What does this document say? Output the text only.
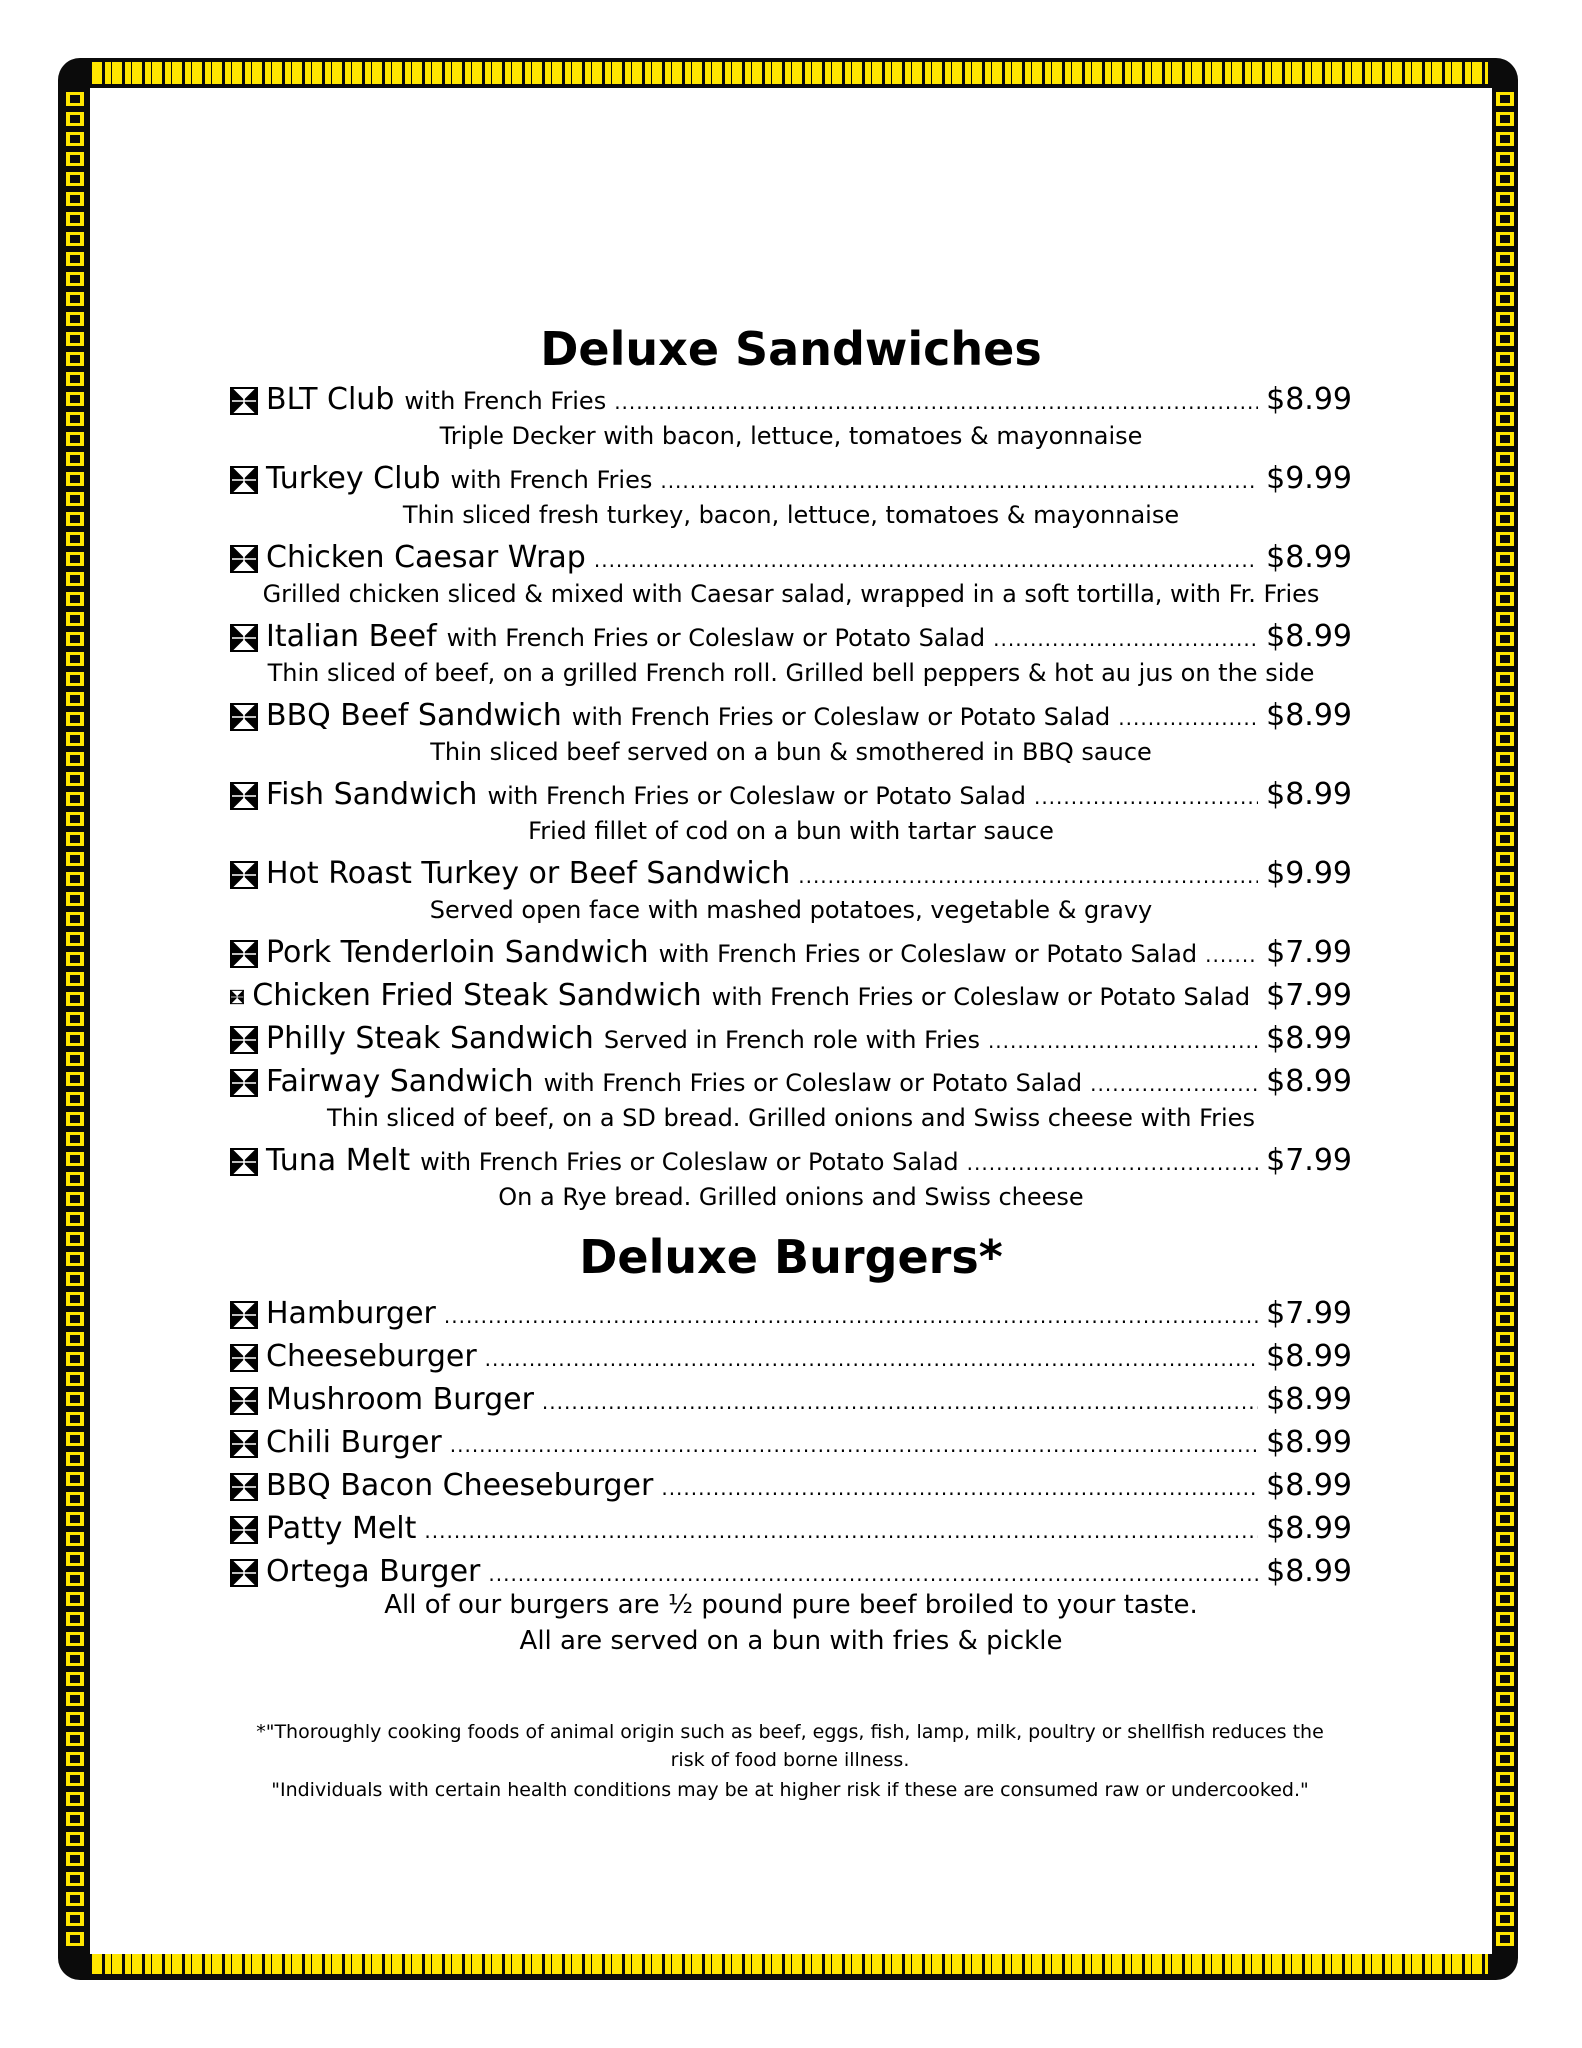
Deluxe Sandwiches
BLT Club with French Fries .....	$8.99
Triple Decker with bacon, lettuce, tomatoes & mayonnaise
Turkey Club with French Fries .....	$9.99
Thin sliced fresh turkey, bacon, lettuce, tomatoes & mayonnaise
Chicken Caesar Wrap .....	$8.99
Grilled chicken sliced & mixed with Caesar salad, wrapped in a soft tortilla, with Fr. Fries
Italian Beef with French Fries or Coleslaw or Potato Salad .....	$8.99
Thin sliced of beef, on a grilled French roll. Grilled bell peppers & hot au jus on the side
BBQ Beef Sandwich with French Fries or Coleslaw or Potato Salad .....	$8.99
Thin sliced beef served on a bun & smothered in BBQ sauce
Fish Sandwich with French Fries or Coleslaw or Potato Salad .....	$8.99
Fried fillet of cod on a bun with tartar sauce
Hot Roast Turkey or Beef Sandwich .....	$9.99
Served open face with mashed potatoes, vegetable & gravy
Pork Tenderloin Sandwich with French Fries or Coleslaw or Potato Salad ..... $7.99
Chicken Fried Steak Sandwich with French Fries or Coleslaw or Potato Salad $7.99
Philly Steak Sandwich Served in French role with Fries .....	$8.99
Fairway Sandwich with French Fries or Coleslaw or Potato Salad .....	$8.99
Thin sliced of beef, on a SD bread. Grilled onions and Swiss cheese with Fries
Tuna Melt with French Fries or Coleslaw or Potato Salad .....	$7.99
On a Rye bread. Grilled onions and Swiss cheese
Deluxe Burgers*
Hamburger .....	$7.99
Cheeseburger .....	$8.99
Mushroom Burger .....	$8.99
Chili Burger .....	$8.99
BBQ Bacon Cheeseburger .....	$8.99
Patty Melt .....	$8.99
Ortega Burger .....	$8.99
All of our burgers are ½ pound pure beef broiled to your taste.
All are served on a bun with fries & pickle
*"Thoroughly cooking foods of animal origin such as beef, eggs, fish, lamp, milk, poultry or shellfish reduces the risk of food borne illness.
"Individuals with certain health conditions may be at higher risk if these are consumed raw or undercooked."
